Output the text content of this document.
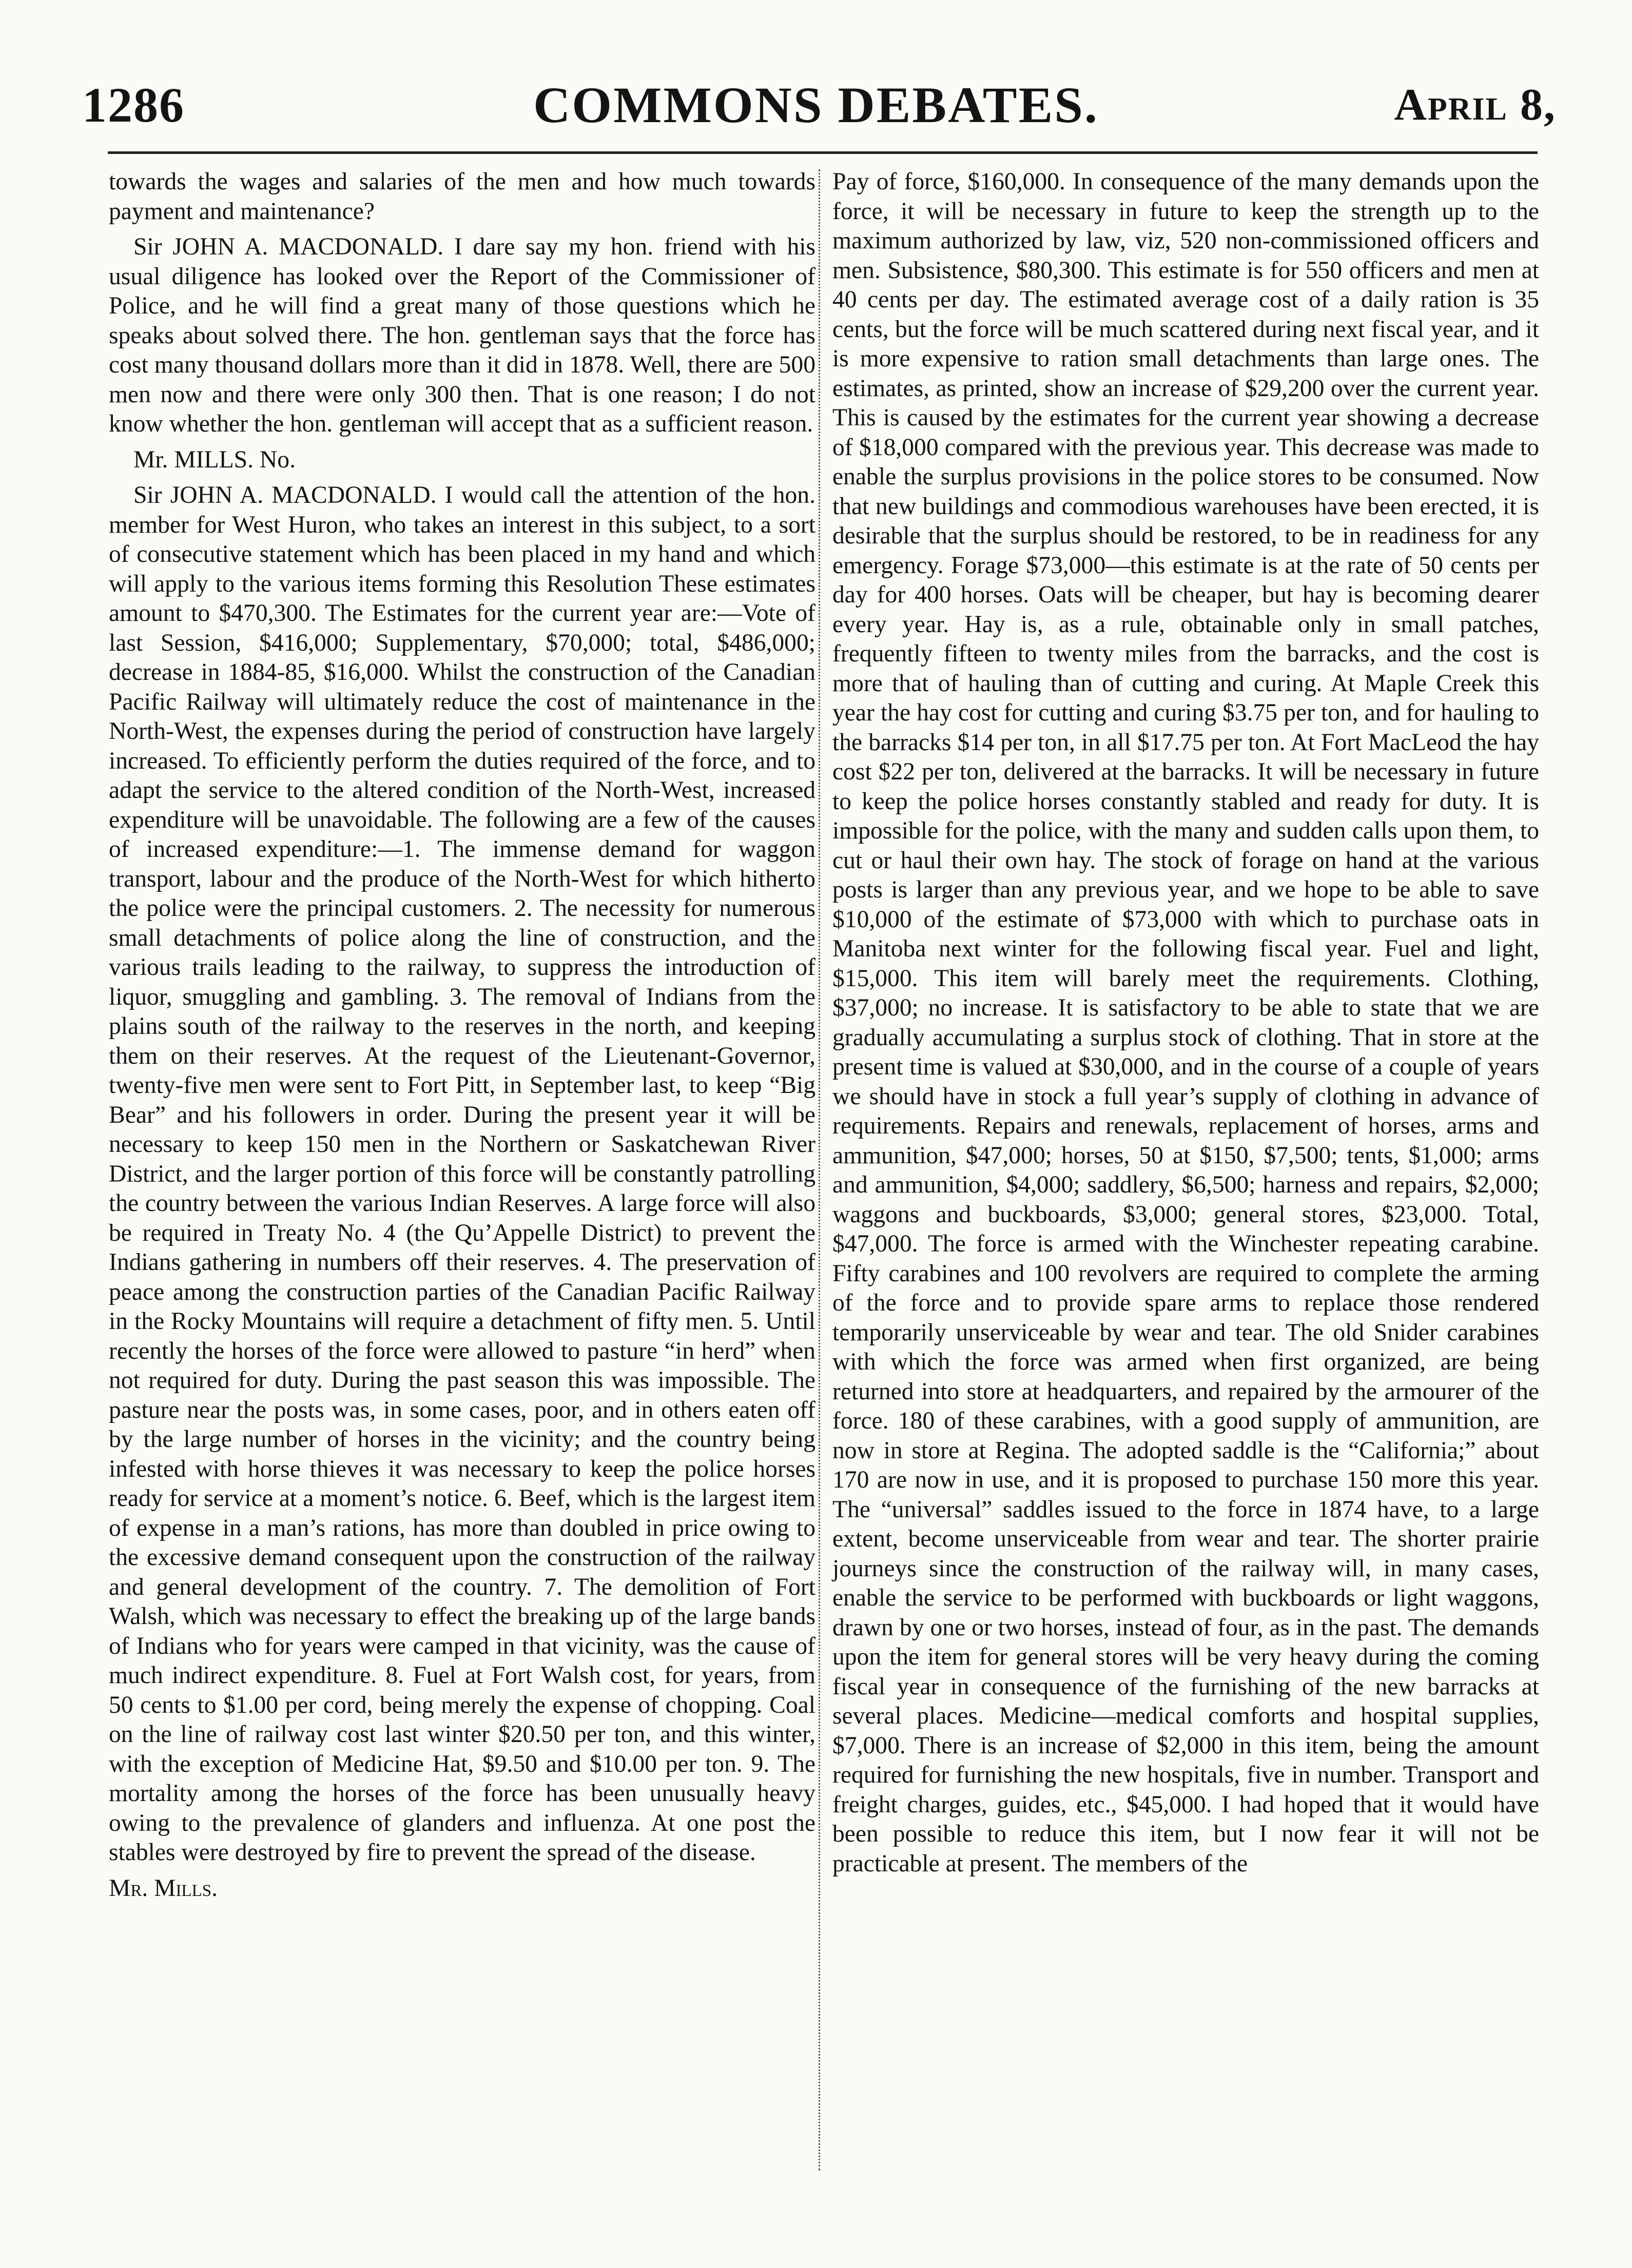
1286	COMMONS DEBATES.	April 8,

towards the wages and salaries of the men and how much towards payment and maintenance?

Sir JOHN A. MACDONALD. I dare say my hon. friend with his usual diligence has looked over the Report of the Commissioner of Police, and he will find a great many of those questions which he speaks about solved there. The hon. gentleman says that the force has cost many thousand dollars more than it did in 1878. Well, there are 500 men now and there were only 300 then. That is one reason; I do not know whether the hon. gentleman will accept that as a sufficient reason.

Mr. MILLS. No.

Sir JOHN A. MACDONALD. I would call the attention of the hon. member for West Huron, who takes an interest in this subject, to a sort of consecutive statement which has been placed in my hand and which will apply to the various items forming this Resolution These estimates amount to $470,300. The Estimates for the current year are:—Vote of last Session, $416,000; Supplementary, $70,000; total, $486,000; decrease in 1884-85, $16,000. Whilst the construction of the Canadian Pacific Railway will ultimately reduce the cost of maintenance in the North-West, the expenses during the period of construction have largely increased. To efficiently perform the duties required of the force, and to adapt the service to the altered condition of the North-West, increased expenditure will be unavoidable. The following are a few of the causes of increased expenditure:—1. The immense demand for waggon transport, labour and the produce of the North-West for which hitherto the police were the principal customers. 2. The necessity for numerous small detachments of police along the line of construction, and the various trails leading to the railway, to suppress the introduction of liquor, smuggling and gambling. 3. The removal of Indians from the plains south of the railway to the reserves in the north, and keeping them on their reserves. At the request of the Lieutenant-Governor, twenty-five men were sent to Fort Pitt, in September last, to keep “Big Bear” and his followers in order. During the present year it will be necessary to keep 150 men in the Northern or Saskatchewan River District, and the larger portion of this force will be constantly patrolling the country between the various Indian Reserves. A large force will also be required in Treaty No. 4 (the Qu’Appelle District) to prevent the Indians gathering in numbers off their reserves. 4. The preservation of peace among the construction parties of the Canadian Pacific Railway in the Rocky Mountains will require a detachment of fifty men. 5. Until recently the horses of the force were allowed to pasture “in herd” when not required for duty. During the past season this was impossible. The pasture near the posts was, in some cases, poor, and in others eaten off by the large number of horses in the vicinity; and the country being infested with horse thieves it was necessary to keep the police horses ready for service at a moment’s notice. 6. Beef, which is the largest item of expense in a man’s rations, has more than doubled in price owing to the excessive demand consequent upon the construction of the railway and general development of the country. 7. The demolition of Fort Walsh, which was necessary to effect the breaking up of the large bands of Indians who for years were camped in that vicinity, was the cause of much indirect expenditure. 8. Fuel at Fort Walsh cost, for years, from 50 cents to $1.00 per cord, being merely the expense of chopping. Coal on the line of railway cost last winter $20.50 per ton, and this winter, with the exception of Medicine Hat, $9.50 and $10.00 per ton. 9. The mortality among the horses of the force has been unusually heavy owing to the prevalence of glanders and influenza. At one post the stables were destroyed by fire to prevent the spread of the disease.

Mr. Mills.

Pay of force, $160,000. In consequence of the many demands upon the force, it will be necessary in future to keep the strength up to the maximum authorized by law, viz, 520 non-commissioned officers and men. Subsistence, $80,300. This estimate is for 550 officers and men at 40 cents per day. The estimated average cost of a daily ration is 35 cents, but the force will be much scattered during next fiscal year, and it is more expensive to ration small detachments than large ones. The estimates, as printed, show an increase of $29,200 over the current year. This is caused by the estimates for the current year showing a decrease of $18,000 compared with the previous year. This decrease was made to enable the surplus provisions in the police stores to be consumed. Now that new buildings and commodious warehouses have been erected, it is desirable that the surplus should be restored, to be in readiness for any emergency. Forage $73,000—this estimate is at the rate of 50 cents per day for 400 horses. Oats will be cheaper, but hay is becoming dearer every year. Hay is, as a rule, obtainable only in small patches, frequently fifteen to twenty miles from the barracks, and the cost is more that of hauling than of cutting and curing. At Maple Creek this year the hay cost for cutting and curing $3.75 per ton, and for hauling to the barracks $14 per ton, in all $17.75 per ton. At Fort MacLeod the hay cost $22 per ton, delivered at the barracks. It will be necessary in future to keep the police horses constantly stabled and ready for duty. It is impossible for the police, with the many and sudden calls upon them, to cut or haul their own hay. The stock of forage on hand at the various posts is larger than any previous year, and we hope to be able to save $10,000 of the estimate of $73,000 with which to purchase oats in Manitoba next winter for the following fiscal year. Fuel and light, $15,000. This item will barely meet the requirements. Clothing, $37,000; no increase. It is satisfactory to be able to state that we are gradually accumulating a surplus stock of clothing. That in store at the present time is valued at $30,000, and in the course of a couple of years we should have in stock a full year’s supply of clothing in advance of requirements. Repairs and renewals, replacement of horses, arms and ammunition, $47,000; horses, 50 at $150, $7,500; tents, $1,000; arms and ammunition, $4,000; saddlery, $6,500; harness and repairs, $2,000; waggons and buckboards, $3,000; general stores, $23,000. Total, $47,000. The force is armed with the Winchester repeating carabine. Fifty carabines and 100 revolvers are required to complete the arming of the force and to provide spare arms to replace those rendered temporarily unserviceable by wear and tear. The old Snider carabines with which the force was armed when first organized, are being returned into store at headquarters, and repaired by the armourer of the force. 180 of these carabines, with a good supply of ammunition, are now in store at Regina. The adopted saddle is the “California;” about 170 are now in use, and it is proposed to purchase 150 more this year. The “universal” saddles issued to the force in 1874 have, to a large extent, become unserviceable from wear and tear. The shorter prairie journeys since the construction of the railway will, in many cases, enable the service to be performed with buckboards or light waggons, drawn by one or two horses, instead of four, as in the past. The demands upon the item for general stores will be very heavy during the coming fiscal year in consequence of the furnishing of the new barracks at several places. Medicine—medical comforts and hospital supplies, $7,000. There is an increase of $2,000 in this item, being the amount required for furnishing the new hospitals, five in number. Transport and freight charges, guides, etc., $45,000. I had hoped that it would have been possible to reduce this item, but I now fear it will not be practicable at present. The members of the
